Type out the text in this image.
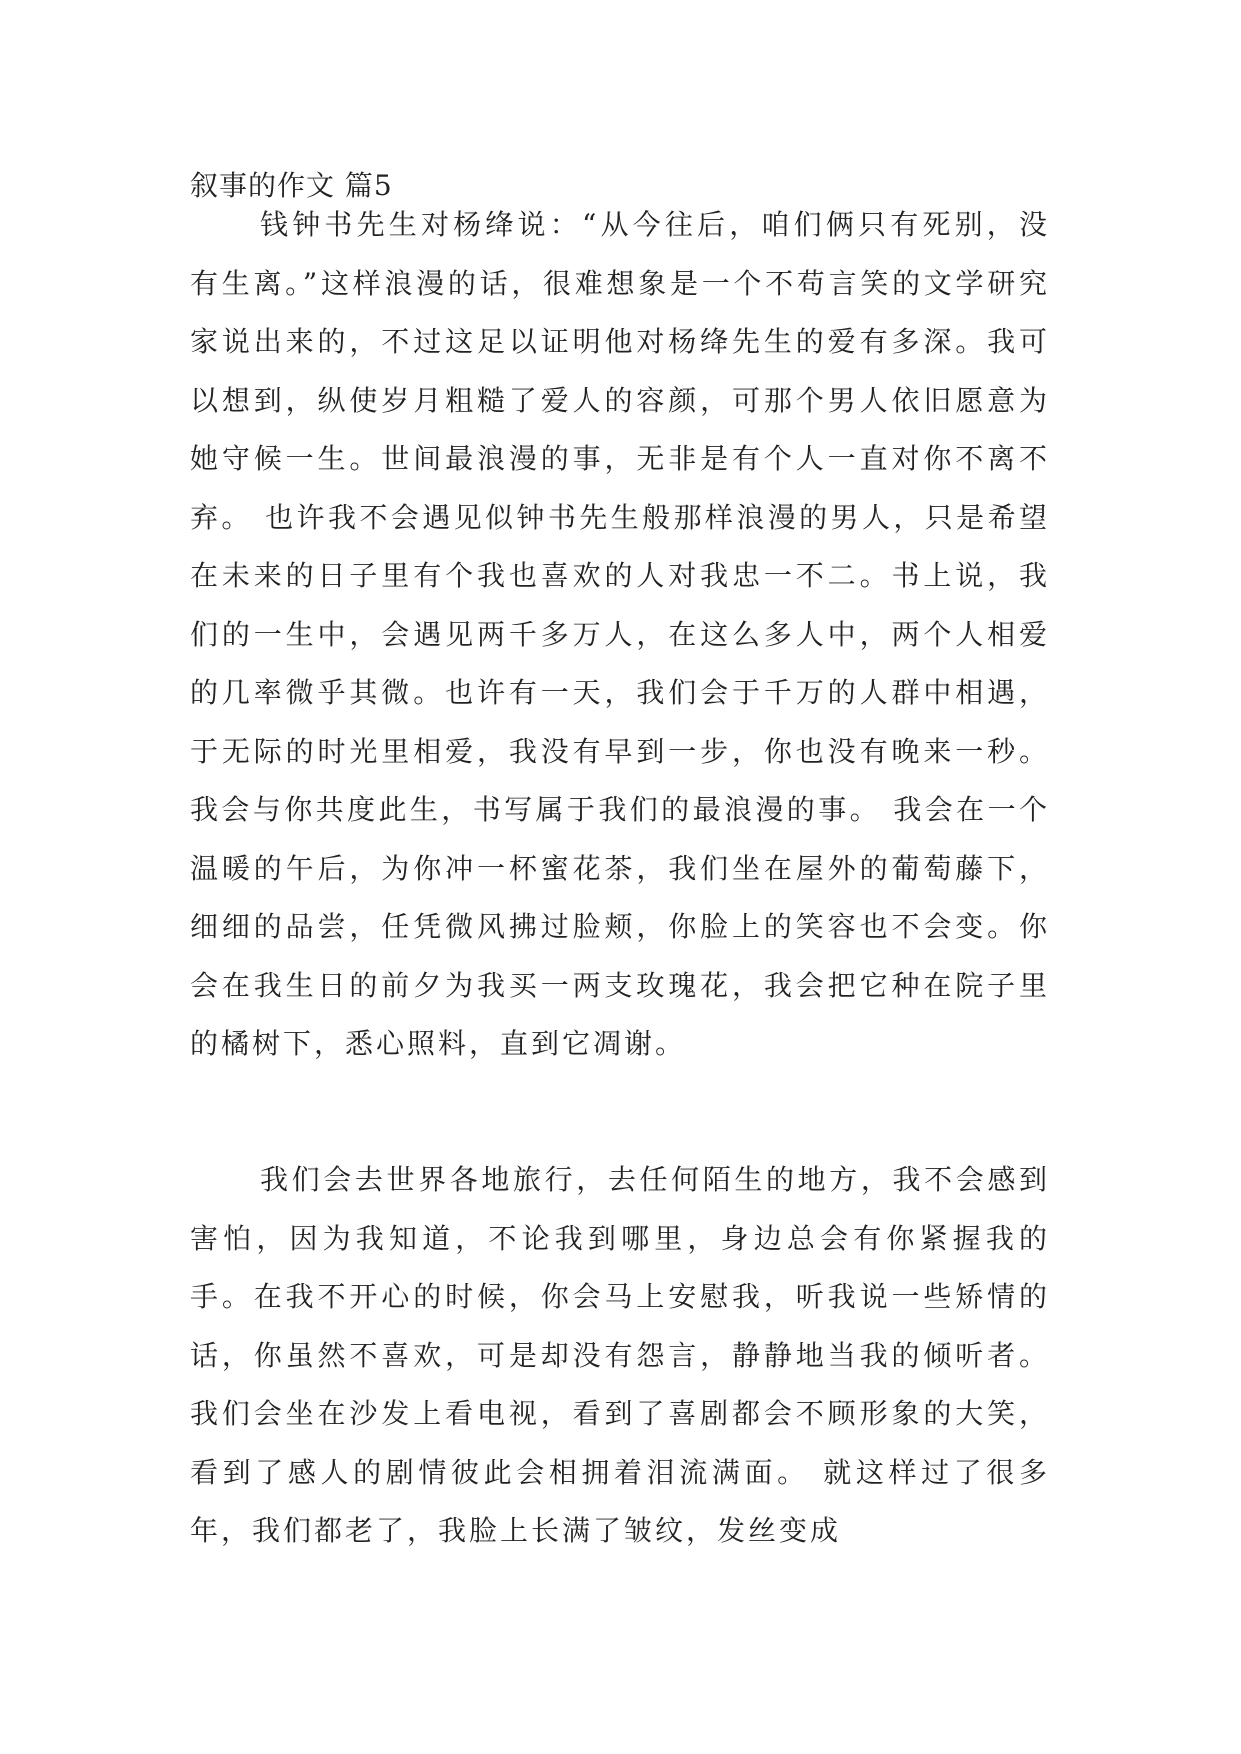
叙事的作文 篇5

钱钟书先生对杨绛说：“从今往后，咱们俩只有死别，没有生离。”这样浪漫的话，很难想象是一个不苟言笑的文学研究家说出来的，不过这足以证明他对杨绛先生的爱有多深。我可以想到，纵使岁月粗糙了爱人的容颜，可那个男人依旧愿意为她守候一生。世间最浪漫的事，无非是有个人一直对你不离不弃。 也许我不会遇见似钟书先生般那样浪漫的男人，只是希望在未来的日子里有个我也喜欢的人对我忠一不二。书上说，我们的一生中，会遇见两千多万人，在这么多人中，两个人相爱的几率微乎其微。也许有一天，我们会于千万的人群中相遇，于无际的时光里相爱，我没有早到一步，你也没有晚来一秒。我会与你共度此生，书写属于我们的最浪漫的事。 我会在一个温暖的午后，为你冲一杯蜜花茶，我们坐在屋外的葡萄藤下，细细的品尝，任凭微风拂过脸颊，你脸上的笑容也不会变。你会在我生日的前夕为我买一两支玫瑰花，我会把它种在院子里的橘树下，悉心照料，直到它凋谢。

我们会去世界各地旅行，去任何陌生的地方，我不会感到害怕，因为我知道，不论我到哪里，身边总会有你紧握我的手。在我不开心的时候，你会马上安慰我，听我说一些矫情的话，你虽然不喜欢，可是却没有怨言，静静地当我的倾听者。我们会坐在沙发上看电视，看到了喜剧都会不顾形象的大笑，看到了感人的剧情彼此会相拥着泪流满面。 就这样过了很多年，我们都老了，我脸上长满了皱纹，发丝变成
